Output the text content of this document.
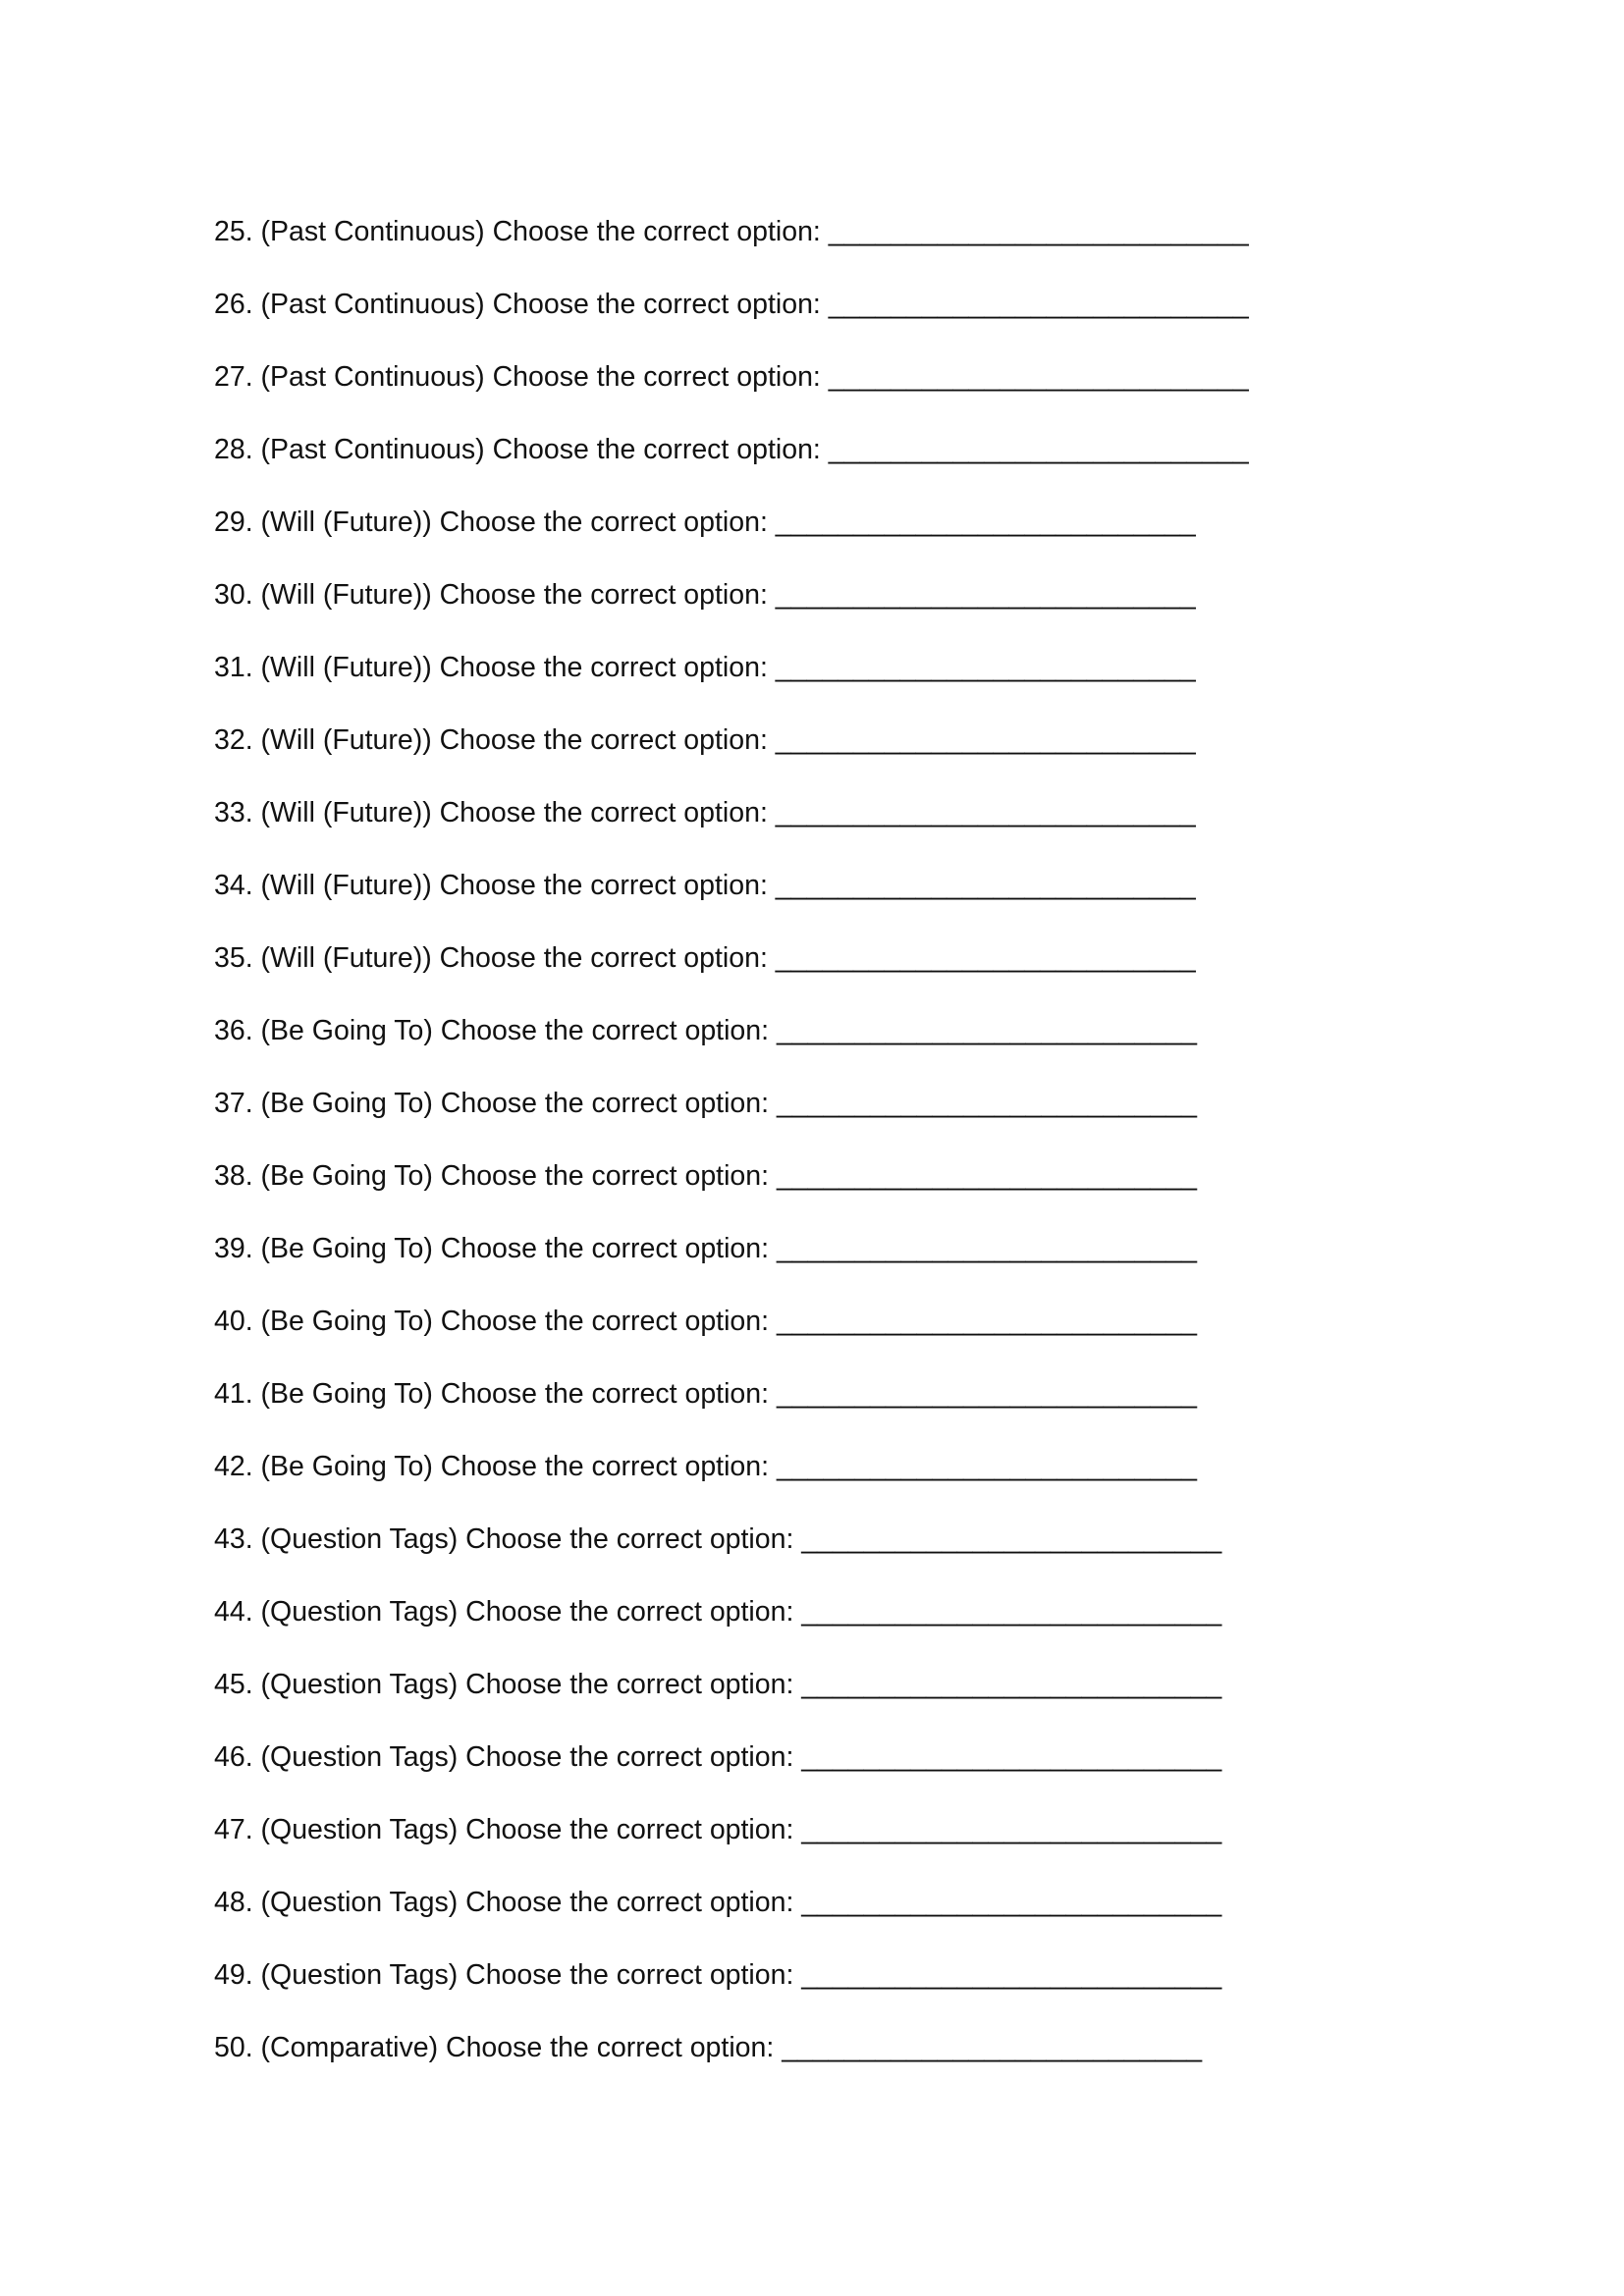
25. (Past Continuous) Choose the correct option: ___________________________
26. (Past Continuous) Choose the correct option: ___________________________
27. (Past Continuous) Choose the correct option: ___________________________
28. (Past Continuous) Choose the correct option: ___________________________
29. (Will (Future)) Choose the correct option: ___________________________
30. (Will (Future)) Choose the correct option: ___________________________
31. (Will (Future)) Choose the correct option: ___________________________
32. (Will (Future)) Choose the correct option: ___________________________
33. (Will (Future)) Choose the correct option: ___________________________
34. (Will (Future)) Choose the correct option: ___________________________
35. (Will (Future)) Choose the correct option: ___________________________
36. (Be Going To) Choose the correct option: ___________________________
37. (Be Going To) Choose the correct option: ___________________________
38. (Be Going To) Choose the correct option: ___________________________
39. (Be Going To) Choose the correct option: ___________________________
40. (Be Going To) Choose the correct option: ___________________________
41. (Be Going To) Choose the correct option: ___________________________
42. (Be Going To) Choose the correct option: ___________________________
43. (Question Tags) Choose the correct option: ___________________________
44. (Question Tags) Choose the correct option: ___________________________
45. (Question Tags) Choose the correct option: ___________________________
46. (Question Tags) Choose the correct option: ___________________________
47. (Question Tags) Choose the correct option: ___________________________
48. (Question Tags) Choose the correct option: ___________________________
49. (Question Tags) Choose the correct option: ___________________________
50. (Comparative) Choose the correct option: ___________________________
